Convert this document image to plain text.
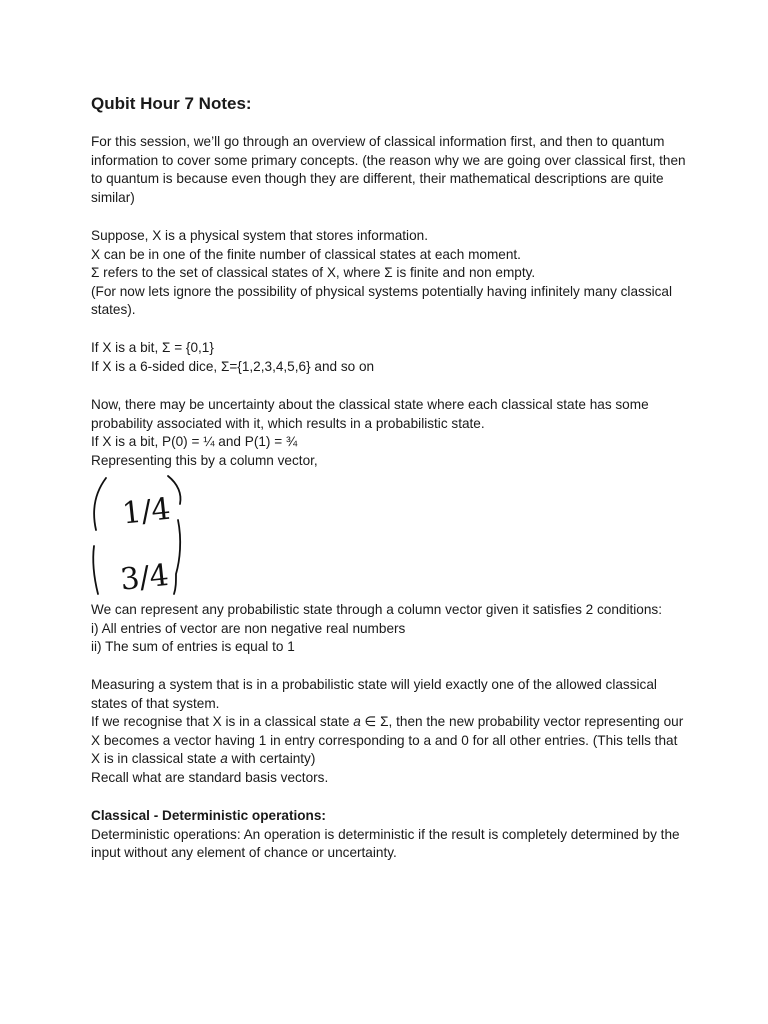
Qubit Hour 7 Notes:

For this session, we’ll go through an overview of classical information first, and then to quantum information to cover some primary concepts. (the reason why we are going over classical first, then to quantum is because even though they are different, their mathematical descriptions are quite similar)

Suppose, X is a physical system that stores information.

X can be in one of the finite number of classical states at each moment.

Σ refers to the set of classical states of X, where Σ is finite and non empty.

(For now lets ignore the possibility of physical systems potentially having infinitely many classical states).

If X is a bit, Σ = {0,1}

If X is a 6-sided dice, Σ={1,2,3,4,5,6} and so on

Now, there may be uncertainty about the classical state where each classical state has some probability associated with it, which results in a probabilistic state.

If X is a bit, P(0) = ¼ and P(1) = ¾

Representing this by a column vector,

1/4
3/4

We can represent any probabilistic state through a column vector given it satisfies 2 conditions:

i) All entries of vector are non negative real numbers

ii) The sum of entries is equal to 1

Measuring a system that is in a probabilistic state will yield exactly one of the allowed classical states of that system.

If we recognise that X is in a classical state a ∈ Σ, then the new probability vector representing our X becomes a vector having 1 in entry corresponding to a and 0 for all other entries. (This tells that X is in classical state a with certainty)

Recall what are standard basis vectors.

Classical - Deterministic operations:

Deterministic operations: An operation is deterministic if the result is completely determined by the input without any element of chance or uncertainty.
